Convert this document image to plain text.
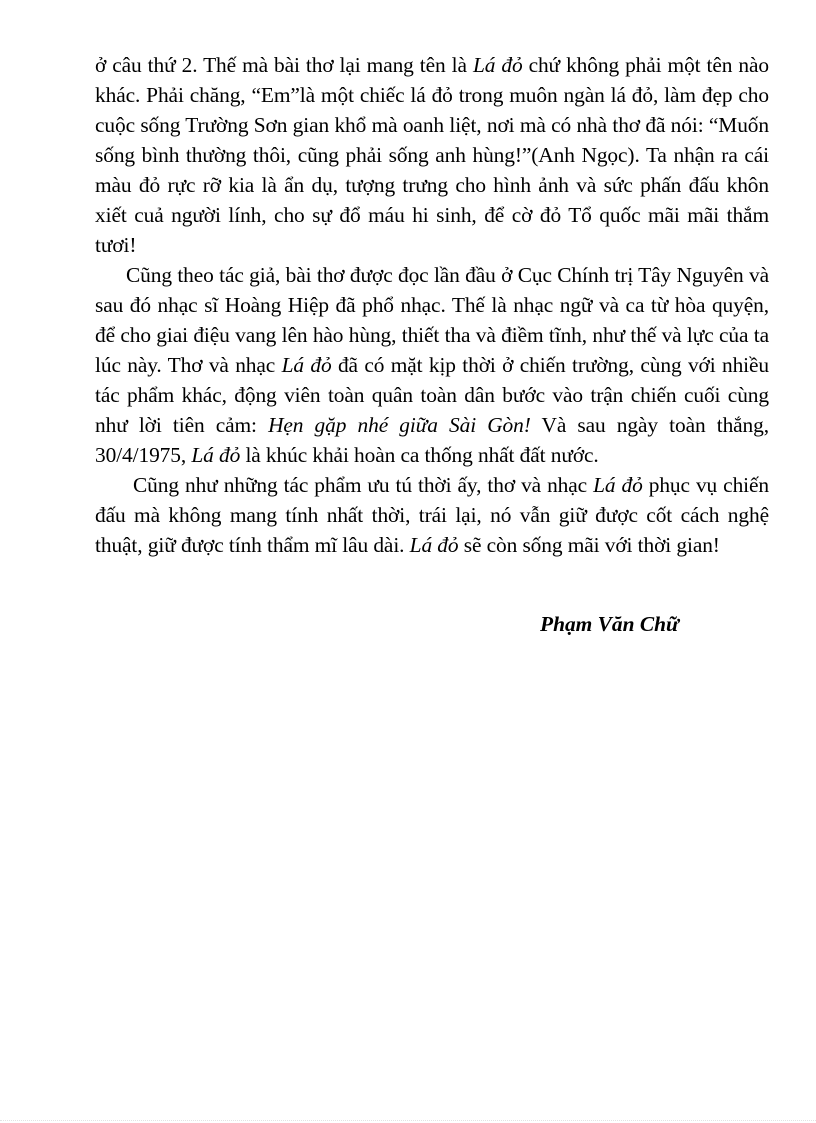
ở câu thứ 2. Thế mà bài thơ lại mang tên là Lá đỏ chứ không phải một tên nào khác. Phải chăng, “Em”là một chiếc lá đỏ trong muôn ngàn lá đỏ, làm đẹp cho cuộc sống Trường Sơn gian khổ mà oanh liệt, nơi mà có nhà thơ đã nói: “Muốn sống bình thường thôi, cũng phải sống anh hùng!”(Anh Ngọc). Ta nhận ra cái màu đỏ rực rỡ kia là ẩn dụ, tượng trưng cho hình ảnh và sức phấn đấu khôn xiết cuả người lính, cho sự đổ máu hi sinh, để cờ đỏ Tổ quốc mãi mãi thắm tươi!

Cũng theo tác giả, bài thơ được đọc lần đầu ở Cục Chính trị Tây Nguyên và sau đó nhạc sĩ Hoàng Hiệp đã phổ nhạc. Thế là nhạc ngữ và ca từ hòa quyện, để cho giai điệu vang lên hào hùng, thiết tha và điềm tĩnh, như thế và lực của ta lúc này. Thơ và nhạc Lá đỏ đã có mặt kịp thời ở chiến trường, cùng với nhiều tác phẩm khác, động viên toàn quân toàn dân bước vào trận chiến cuối cùng như lời tiên cảm: Hẹn gặp nhé giữa Sài Gòn! Và sau ngày toàn thắng, 30/4/1975, Lá đỏ là khúc khải hoàn ca thống nhất đất nước.

Cũng như những tác phẩm ưu tú thời ấy, thơ và nhạc Lá đỏ phục vụ chiến đấu mà không mang tính nhất thời, trái lại, nó vẫn giữ được cốt cách nghệ thuật, giữ được tính thẩm mĩ lâu dài. Lá đỏ sẽ còn sống mãi với thời gian!

Phạm Văn Chữ
